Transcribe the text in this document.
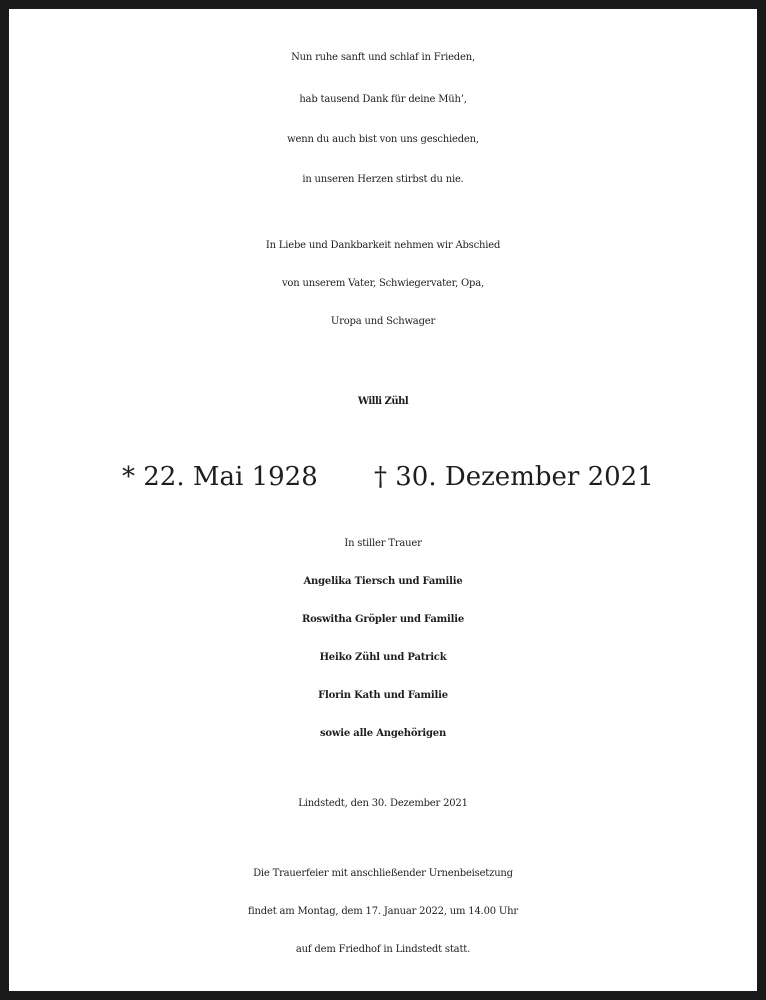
Nun ruhe sanft und schlaf in Frieden,
hab tausend Dank für deine Müh’,
wenn du auch bist von uns geschieden,
in unseren Herzen stirbst du nie.
In Liebe und Dankbarkeit nehmen wir Abschied
von unserem Vater, Schwiegervater, Opa,
Uropa und Schwager
Willi Zühl
* 22. Mai 1928 † 30. Dezember 2021
In stiller Trauer
Angelika Tiersch und Familie
Roswitha Gröpler und Familie
Heiko Zühl und Patrick
Florin Kath und Familie
sowie alle Angehörigen
Lindstedt, den 30. Dezember 2021
Die Trauerfeier mit anschließender Urnenbeisetzung
findet am Montag, dem 17. Januar 2022, um 14.00 Uhr
auf dem Friedhof in Lindstedt statt.
